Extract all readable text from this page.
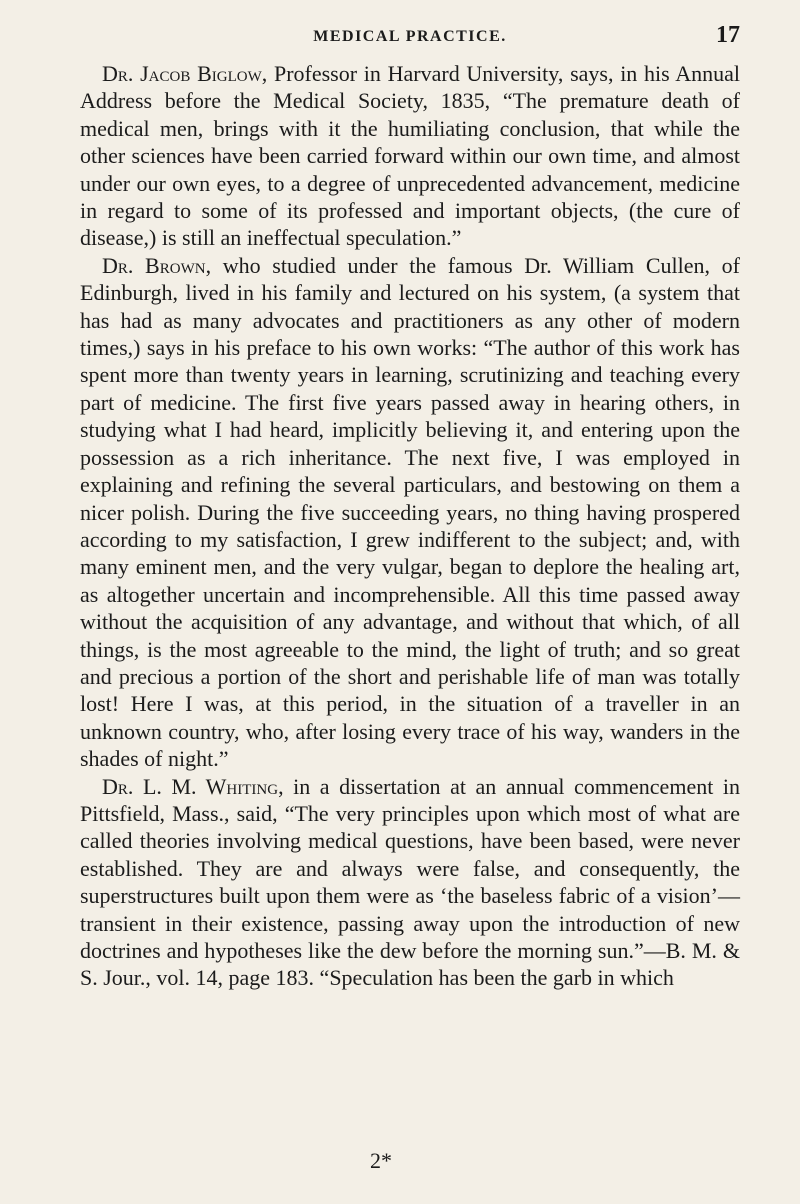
MEDICAL PRACTICE.	17

Dr. Jacob Biglow, Professor in Harvard University, says, in his Annual Address before the Medical Society, 1835, “The premature death of medical men, brings with it the humiliating conclusion, that while the other sciences have been carried forward within our own time, and almost under our own eyes, to a degree of unprecedented advancement, medicine in regard to some of its professed and important objects, (the cure of disease,) is still an ineffectual speculation.”

Dr. Brown, who studied under the famous Dr. William Cullen, of Edinburgh, lived in his family and lectured on his system, (a system that has had as many advocates and practitioners as any other of modern times,) says in his preface to his own works: “The author of this work has spent more than twenty years in learning, scrutinizing and teaching every part of medicine. The first five years passed away in hearing others, in studying what I had heard, implicitly believing it, and entering upon the possession as a rich inheritance. The next five, I was employed in explaining and refining the several particulars, and bestowing on them a nicer polish. During the five succeeding years, no thing having prospered according to my satisfaction, I grew indifferent to the subject; and, with many eminent men, and the very vulgar, began to deplore the healing art, as altogether uncertain and incomprehensible. All this time passed away without the acquisition of any advantage, and without that which, of all things, is the most agreeable to the mind, the light of truth; and so great and precious a portion of the short and perishable life of man was totally lost! Here I was, at this period, in the situation of a traveller in an unknown country, who, after losing every trace of his way, wanders in the shades of night.”

Dr. L. M. Whiting, in a dissertation at an annual commencement in Pittsfield, Mass., said, “The very principles upon which most of what are called theories involving medical questions, have been based, were never established. They are and always were false, and consequently, the superstructures built upon them were as ‘the baseless fabric of a vision’—transient in their existence, passing away upon the introduction of new doctrines and hypotheses like the dew before the morning sun.”—B. M. & S. Jour., vol. 14, page 183. “Speculation has been the garb in which

2*
